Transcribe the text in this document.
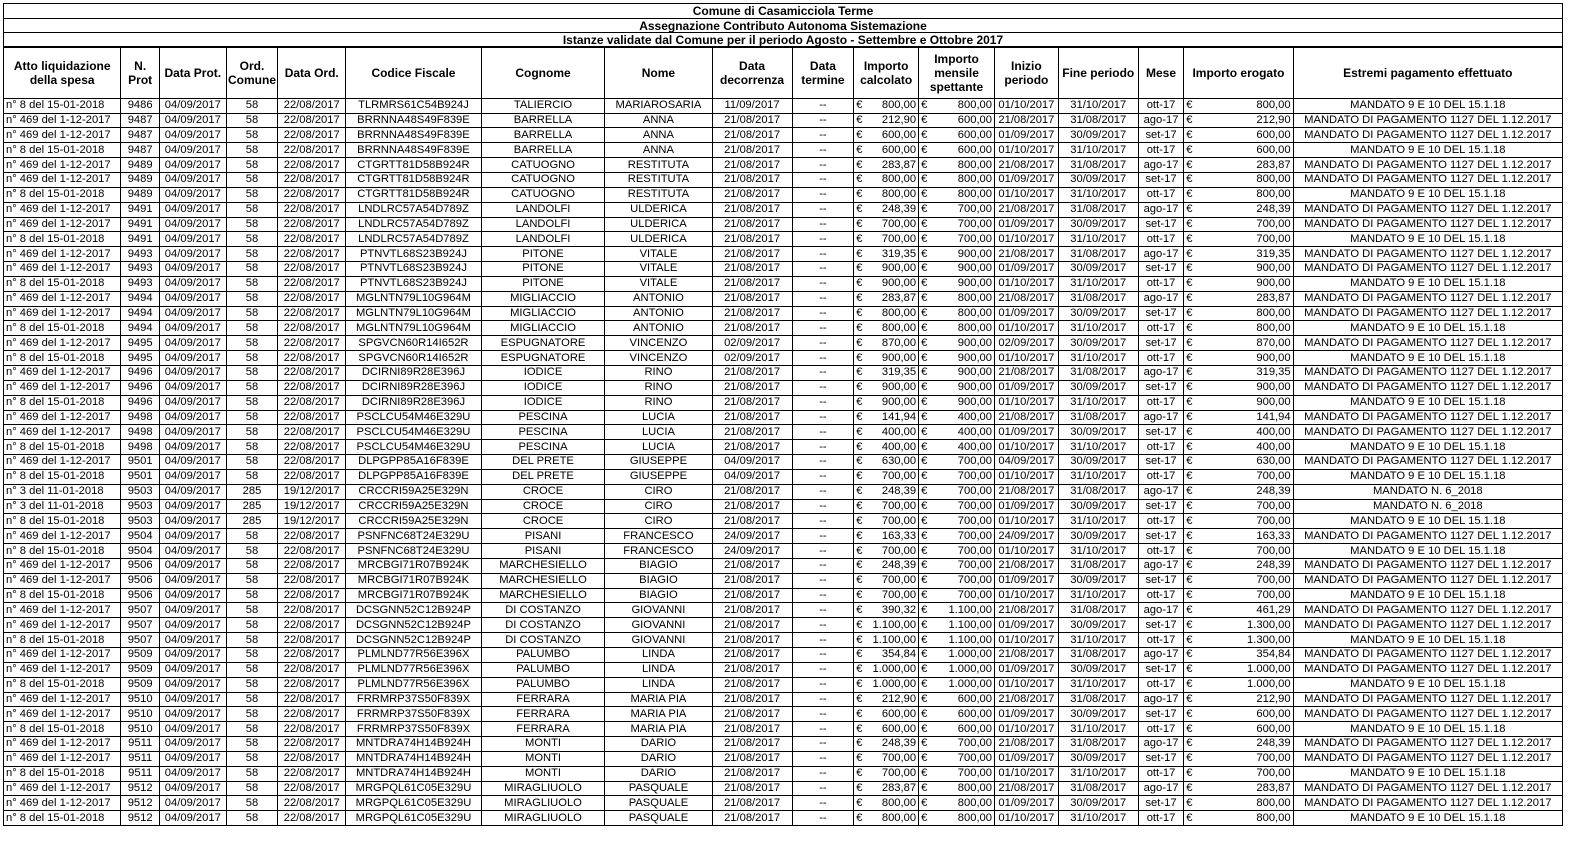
Comune di Casamicciola Terme
Assegnazione Contributo Autonoma Sistemazione
Istanze validate dal Comune per il periodo Agosto - Settembre e Ottobre 2017
Atto liquidazione della spesa	N. Prot	Data Prot.	Ord. Comune	Data Ord.	Codice Fiscale	Cognome	Nome	Data decorrenza	Data termine	Importo calcolato	Importo mensile spettante	Inizio periodo	Fine periodo	Mese	Importo erogato	Estremi pagamento effettuato
n° 8 del 15-01-2018	9486	04/09/2017	58	22/08/2017	TLRMRS61C54B924J	TALIERCIO	MARIAROSARIA	11/09/2017	--	€ 800,00	€ 800,00	01/10/2017	31/10/2017	ott-17	€ 800,00	MANDATO 9 E 10 DEL 15.1.18
n° 469 del 1-12-2017	9487	04/09/2017	58	22/08/2017	BRRNNA48S49F839E	BARRELLA	ANNA	21/08/2017	--	€ 212,90	€ 600,00	21/08/2017	31/08/2017	ago-17	€ 212,90	MANDATO DI PAGAMENTO 1127 DEL 1.12.2017
n° 469 del 1-12-2017	9487	04/09/2017	58	22/08/2017	BRRNNA48S49F839E	BARRELLA	ANNA	21/08/2017	--	€ 600,00	€ 600,00	01/09/2017	30/09/2017	set-17	€ 600,00	MANDATO DI PAGAMENTO 1127 DEL 1.12.2017
n° 8 del 15-01-2018	9487	04/09/2017	58	22/08/2017	BRRNNA48S49F839E	BARRELLA	ANNA	21/08/2017	--	€ 600,00	€ 600,00	01/10/2017	31/10/2017	ott-17	€ 600,00	MANDATO 9 E 10 DEL 15.1.18
n° 469 del 1-12-2017	9489	04/09/2017	58	22/08/2017	CTGRTT81D58B924R	CATUOGNO	RESTITUTA	21/08/2017	--	€ 283,87	€ 800,00	21/08/2017	31/08/2017	ago-17	€ 283,87	MANDATO DI PAGAMENTO 1127 DEL 1.12.2017
n° 469 del 1-12-2017	9489	04/09/2017	58	22/08/2017	CTGRTT81D58B924R	CATUOGNO	RESTITUTA	21/08/2017	--	€ 800,00	€ 800,00	01/09/2017	30/09/2017	set-17	€ 800,00	MANDATO DI PAGAMENTO 1127 DEL 1.12.2017
n° 8 del 15-01-2018	9489	04/09/2017	58	22/08/2017	CTGRTT81D58B924R	CATUOGNO	RESTITUTA	21/08/2017	--	€ 800,00	€ 800,00	01/10/2017	31/10/2017	ott-17	€ 800,00	MANDATO 9 E 10 DEL 15.1.18
n° 469 del 1-12-2017	9491	04/09/2017	58	22/08/2017	LNDLRC57A54D789Z	LANDOLFI	ULDERICA	21/08/2017	--	€ 248,39	€ 700,00	21/08/2017	31/08/2017	ago-17	€ 248,39	MANDATO DI PAGAMENTO 1127 DEL 1.12.2017
n° 469 del 1-12-2017	9491	04/09/2017	58	22/08/2017	LNDLRC57A54D789Z	LANDOLFI	ULDERICA	21/08/2017	--	€ 700,00	€ 700,00	01/09/2017	30/09/2017	set-17	€ 700,00	MANDATO DI PAGAMENTO 1127 DEL 1.12.2017
n° 8 del 15-01-2018	9491	04/09/2017	58	22/08/2017	LNDLRC57A54D789Z	LANDOLFI	ULDERICA	21/08/2017	--	€ 700,00	€ 700,00	01/10/2017	31/10/2017	ott-17	€ 700,00	MANDATO 9 E 10 DEL 15.1.18
n° 469 del 1-12-2017	9493	04/09/2017	58	22/08/2017	PTNVTL68S23B924J	PITONE	VITALE	21/08/2017	--	€ 319,35	€ 900,00	21/08/2017	31/08/2017	ago-17	€ 319,35	MANDATO DI PAGAMENTO 1127 DEL 1.12.2017
n° 469 del 1-12-2017	9493	04/09/2017	58	22/08/2017	PTNVTL68S23B924J	PITONE	VITALE	21/08/2017	--	€ 900,00	€ 900,00	01/09/2017	30/09/2017	set-17	€ 900,00	MANDATO DI PAGAMENTO 1127 DEL 1.12.2017
n° 8 del 15-01-2018	9493	04/09/2017	58	22/08/2017	PTNVTL68S23B924J	PITONE	VITALE	21/08/2017	--	€ 900,00	€ 900,00	01/10/2017	31/10/2017	ott-17	€ 900,00	MANDATO 9 E 10 DEL 15.1.18
n° 469 del 1-12-2017	9494	04/09/2017	58	22/08/2017	MGLNTN79L10G964M	MIGLIACCIO	ANTONIO	21/08/2017	--	€ 283,87	€ 800,00	21/08/2017	31/08/2017	ago-17	€ 283,87	MANDATO DI PAGAMENTO 1127 DEL 1.12.2017
n° 469 del 1-12-2017	9494	04/09/2017	58	22/08/2017	MGLNTN79L10G964M	MIGLIACCIO	ANTONIO	21/08/2017	--	€ 800,00	€ 800,00	01/09/2017	30/09/2017	set-17	€ 800,00	MANDATO DI PAGAMENTO 1127 DEL 1.12.2017
n° 8 del 15-01-2018	9494	04/09/2017	58	22/08/2017	MGLNTN79L10G964M	MIGLIACCIO	ANTONIO	21/08/2017	--	€ 800,00	€ 800,00	01/10/2017	31/10/2017	ott-17	€ 800,00	MANDATO 9 E 10 DEL 15.1.18
n° 469 del 1-12-2017	9495	04/09/2017	58	22/08/2017	SPGVCN60R14I652R	ESPUGNATORE	VINCENZO	02/09/2017	--	€ 870,00	€ 900,00	02/09/2017	30/09/2017	set-17	€ 870,00	MANDATO DI PAGAMENTO 1127 DEL 1.12.2017
n° 8 del 15-01-2018	9495	04/09/2017	58	22/08/2017	SPGVCN60R14I652R	ESPUGNATORE	VINCENZO	02/09/2017	--	€ 900,00	€ 900,00	01/10/2017	31/10/2017	ott-17	€ 900,00	MANDATO 9 E 10 DEL 15.1.18
n° 469 del 1-12-2017	9496	04/09/2017	58	22/08/2017	DCIRNI89R28E396J	IODICE	RINO	21/08/2017	--	€ 319,35	€ 900,00	21/08/2017	31/08/2017	ago-17	€ 319,35	MANDATO DI PAGAMENTO 1127 DEL 1.12.2017
n° 469 del 1-12-2017	9496	04/09/2017	58	22/08/2017	DCIRNI89R28E396J	IODICE	RINO	21/08/2017	--	€ 900,00	€ 900,00	01/09/2017	30/09/2017	set-17	€ 900,00	MANDATO DI PAGAMENTO 1127 DEL 1.12.2017
n° 8 del 15-01-2018	9496	04/09/2017	58	22/08/2017	DCIRNI89R28E396J	IODICE	RINO	21/08/2017	--	€ 900,00	€ 900,00	01/10/2017	31/10/2017	ott-17	€ 900,00	MANDATO 9 E 10 DEL 15.1.18
n° 469 del 1-12-2017	9498	04/09/2017	58	22/08/2017	PSCLCU54M46E329U	PESCINA	LUCIA	21/08/2017	--	€ 141,94	€ 400,00	21/08/2017	31/08/2017	ago-17	€ 141,94	MANDATO DI PAGAMENTO 1127 DEL 1.12.2017
n° 469 del 1-12-2017	9498	04/09/2017	58	22/08/2017	PSCLCU54M46E329U	PESCINA	LUCIA	21/08/2017	--	€ 400,00	€ 400,00	01/09/2017	30/09/2017	set-17	€ 400,00	MANDATO DI PAGAMENTO 1127 DEL 1.12.2017
n° 8 del 15-01-2018	9498	04/09/2017	58	22/08/2017	PSCLCU54M46E329U	PESCINA	LUCIA	21/08/2017	--	€ 400,00	€ 400,00	01/10/2017	31/10/2017	ott-17	€ 400,00	MANDATO 9 E 10 DEL 15.1.18
n° 469 del 1-12-2017	9501	04/09/2017	58	22/08/2017	DLPGPP85A16F839E	DEL PRETE	GIUSEPPE	04/09/2017	--	€ 630,00	€ 700,00	04/09/2017	30/09/2017	set-17	€ 630,00	MANDATO DI PAGAMENTO 1127 DEL 1.12.2017
n° 8 del 15-01-2018	9501	04/09/2017	58	22/08/2017	DLPGPP85A16F839E	DEL PRETE	GIUSEPPE	04/09/2017	--	€ 700,00	€ 700,00	01/10/2017	31/10/2017	ott-17	€ 700,00	MANDATO 9 E 10 DEL 15.1.18
n° 3 del 11-01-2018	9503	04/09/2017	285	19/12/2017	CRCCRI59A25E329N	CROCE	CIRO	21/08/2017	--	€ 248,39	€ 700,00	21/08/2017	31/08/2017	ago-17	€ 248,39	MANDATO N. 6_2018
n° 3 del 11-01-2018	9503	04/09/2017	285	19/12/2017	CRCCRI59A25E329N	CROCE	CIRO	21/08/2017	--	€ 700,00	€ 700,00	01/09/2017	30/09/2017	set-17	€ 700,00	MANDATO N. 6_2018
n° 8 del 15-01-2018	9503	04/09/2017	285	19/12/2017	CRCCRI59A25E329N	CROCE	CIRO	21/08/2017	--	€ 700,00	€ 700,00	01/10/2017	31/10/2017	ott-17	€ 700,00	MANDATO 9 E 10 DEL 15.1.18
n° 469 del 1-12-2017	9504	04/09/2017	58	22/08/2017	PSNFNC68T24E329U	PISANI	FRANCESCO	24/09/2017	--	€ 163,33	€ 700,00	24/09/2017	30/09/2017	set-17	€ 163,33	MANDATO DI PAGAMENTO 1127 DEL 1.12.2017
n° 8 del 15-01-2018	9504	04/09/2017	58	22/08/2017	PSNFNC68T24E329U	PISANI	FRANCESCO	24/09/2017	--	€ 700,00	€ 700,00	01/10/2017	31/10/2017	ott-17	€ 700,00	MANDATO 9 E 10 DEL 15.1.18
n° 469 del 1-12-2017	9506	04/09/2017	58	22/08/2017	MRCBGI71R07B924K	MARCHESIELLO	BIAGIO	21/08/2017	--	€ 248,39	€ 700,00	21/08/2017	31/08/2017	ago-17	€ 248,39	MANDATO DI PAGAMENTO 1127 DEL 1.12.2017
n° 469 del 1-12-2017	9506	04/09/2017	58	22/08/2017	MRCBGI71R07B924K	MARCHESIELLO	BIAGIO	21/08/2017	--	€ 700,00	€ 700,00	01/09/2017	30/09/2017	set-17	€ 700,00	MANDATO DI PAGAMENTO 1127 DEL 1.12.2017
n° 8 del 15-01-2018	9506	04/09/2017	58	22/08/2017	MRCBGI71R07B924K	MARCHESIELLO	BIAGIO	21/08/2017	--	€ 700,00	€ 700,00	01/10/2017	31/10/2017	ott-17	€ 700,00	MANDATO 9 E 10 DEL 15.1.18
n° 469 del 1-12-2017	9507	04/09/2017	58	22/08/2017	DCSGNN52C12B924P	DI COSTANZO	GIOVANNI	21/08/2017	--	€ 390,32	€ 1.100,00	21/08/2017	31/08/2017	ago-17	€ 461,29	MANDATO DI PAGAMENTO 1127 DEL 1.12.2017
n° 469 del 1-12-2017	9507	04/09/2017	58	22/08/2017	DCSGNN52C12B924P	DI COSTANZO	GIOVANNI	21/08/2017	--	€ 1.100,00	€ 1.100,00	01/09/2017	30/09/2017	set-17	€ 1.300,00	MANDATO DI PAGAMENTO 1127 DEL 1.12.2017
n° 8 del 15-01-2018	9507	04/09/2017	58	22/08/2017	DCSGNN52C12B924P	DI COSTANZO	GIOVANNI	21/08/2017	--	€ 1.100,00	€ 1.100,00	01/10/2017	31/10/2017	ott-17	€ 1.300,00	MANDATO 9 E 10 DEL 15.1.18
n° 469 del 1-12-2017	9509	04/09/2017	58	22/08/2017	PLMLND77R56E396X	PALUMBO	LINDA	21/08/2017	--	€ 354,84	€ 1.000,00	21/08/2017	31/08/2017	ago-17	€ 354,84	MANDATO DI PAGAMENTO 1127 DEL 1.12.2017
n° 469 del 1-12-2017	9509	04/09/2017	58	22/08/2017	PLMLND77R56E396X	PALUMBO	LINDA	21/08/2017	--	€ 1.000,00	€ 1.000,00	01/09/2017	30/09/2017	set-17	€ 1.000,00	MANDATO DI PAGAMENTO 1127 DEL 1.12.2017
n° 8 del 15-01-2018	9509	04/09/2017	58	22/08/2017	PLMLND77R56E396X	PALUMBO	LINDA	21/08/2017	--	€ 1.000,00	€ 1.000,00	01/10/2017	31/10/2017	ott-17	€ 1.000,00	MANDATO 9 E 10 DEL 15.1.18
n° 469 del 1-12-2017	9510	04/09/2017	58	22/08/2017	FRRMRP37S50F839X	FERRARA	MARIA PIA	21/08/2017	--	€ 212,90	€ 600,00	21/08/2017	31/08/2017	ago-17	€ 212,90	MANDATO DI PAGAMENTO 1127 DEL 1.12.2017
n° 469 del 1-12-2017	9510	04/09/2017	58	22/08/2017	FRRMRP37S50F839X	FERRARA	MARIA PIA	21/08/2017	--	€ 600,00	€ 600,00	01/09/2017	30/09/2017	set-17	€ 600,00	MANDATO DI PAGAMENTO 1127 DEL 1.12.2017
n° 8 del 15-01-2018	9510	04/09/2017	58	22/08/2017	FRRMRP37S50F839X	FERRARA	MARIA PIA	21/08/2017	--	€ 600,00	€ 600,00	01/10/2017	31/10/2017	ott-17	€ 600,00	MANDATO 9 E 10 DEL 15.1.18
n° 469 del 1-12-2017	9511	04/09/2017	58	22/08/2017	MNTDRA74H14B924H	MONTI	DARIO	21/08/2017	--	€ 248,39	€ 700,00	21/08/2017	31/08/2017	ago-17	€ 248,39	MANDATO DI PAGAMENTO 1127 DEL 1.12.2017
n° 469 del 1-12-2017	9511	04/09/2017	58	22/08/2017	MNTDRA74H14B924H	MONTI	DARIO	21/08/2017	--	€ 700,00	€ 700,00	01/09/2017	30/09/2017	set-17	€ 700,00	MANDATO DI PAGAMENTO 1127 DEL 1.12.2017
n° 8 del 15-01-2018	9511	04/09/2017	58	22/08/2017	MNTDRA74H14B924H	MONTI	DARIO	21/08/2017	--	€ 700,00	€ 700,00	01/10/2017	31/10/2017	ott-17	€ 700,00	MANDATO 9 E 10 DEL 15.1.18
n° 469 del 1-12-2017	9512	04/09/2017	58	22/08/2017	MRGPQL61C05E329U	MIRAGLIUOLO	PASQUALE	21/08/2017	--	€ 283,87	€ 800,00	21/08/2017	31/08/2017	ago-17	€ 283,87	MANDATO DI PAGAMENTO 1127 DEL 1.12.2017
n° 469 del 1-12-2017	9512	04/09/2017	58	22/08/2017	MRGPQL61C05E329U	MIRAGLIUOLO	PASQUALE	21/08/2017	--	€ 800,00	€ 800,00	01/09/2017	30/09/2017	set-17	€ 800,00	MANDATO DI PAGAMENTO 1127 DEL 1.12.2017
n° 8 del 15-01-2018	9512	04/09/2017	58	22/08/2017	MRGPQL61C05E329U	MIRAGLIUOLO	PASQUALE	21/08/2017	--	€ 800,00	€ 800,00	01/10/2017	31/10/2017	ott-17	€ 800,00	MANDATO 9 E 10 DEL 15.1.18
